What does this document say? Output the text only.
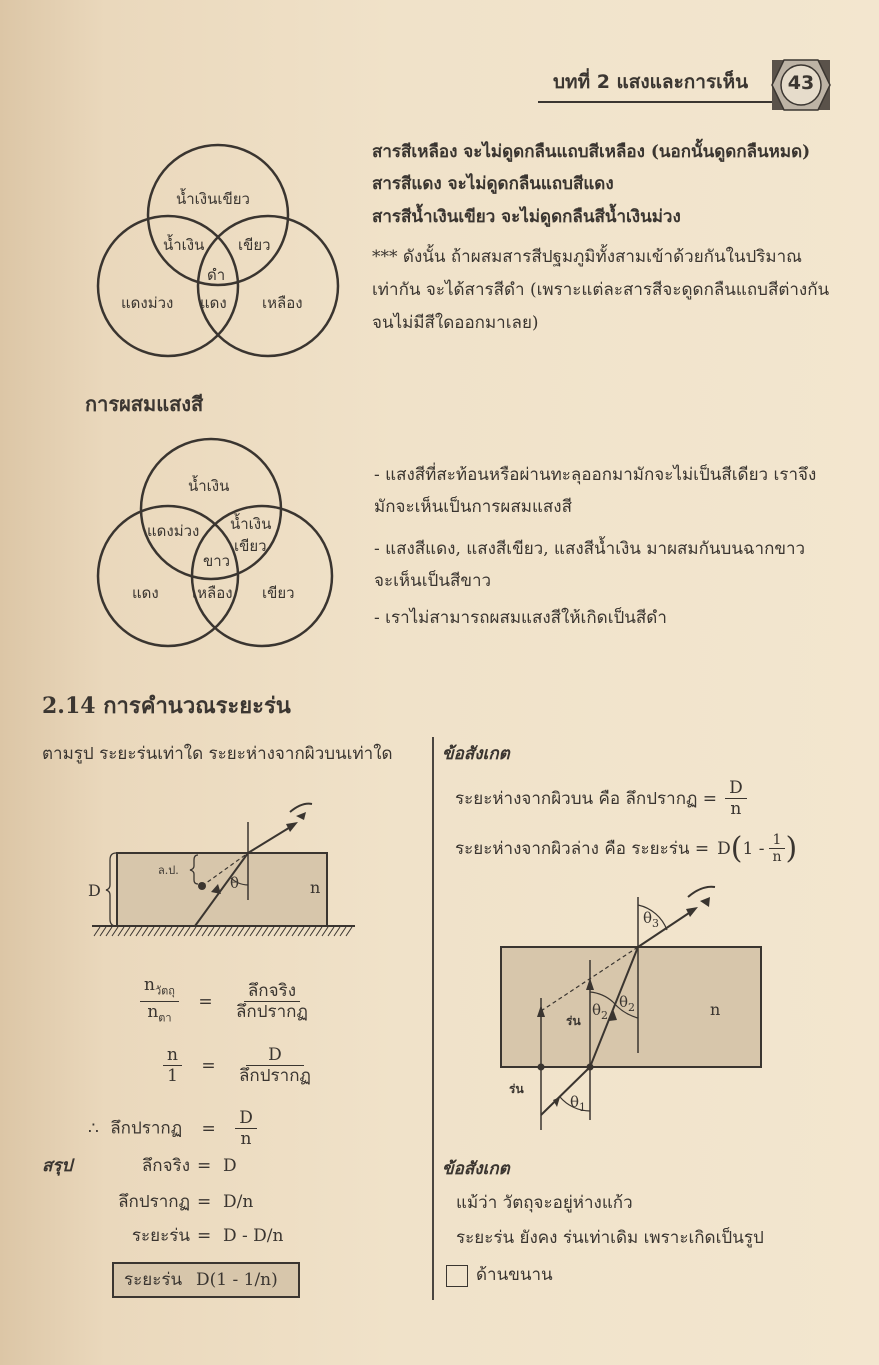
บทที่ 2 แสงและการเห็น	43
น้ำเงินเขียว
น้ำเงิน เขียว
ดำ
แดงม่วง แดง เหลือง
สารสีเหลือง จะไม่ดูดกลืนแถบสีเหลือง (นอกนั้นดูดกลืนหมด)
สารสีแดง จะไม่ดูดกลืนแถบสีแดง
สารสีน้ำเงินเขียว จะไม่ดูดกลืนสีน้ำเงินม่วง
*** ดังนั้น ถ้าผสมสารสีปฐมภูมิทั้งสามเข้าด้วยกันในปริมาณ
เท่ากัน จะได้สารสีดำ (เพราะแต่ละสารสีจะดูดกลืนแถบสีต่างกัน
จนไม่มีสีใดออกมาเลย)
การผสมแสงสี
น้ำเงิน
แดงม่วง น้ำเงิน
เขียว
ขาว
แดง เหลือง เขียว
- แสงสีที่สะท้อนหรือผ่านทะลุออกมามักจะไม่เป็นสีเดียว เราจึง
มักจะเห็นเป็นการผสมแสงสี
- แสงสีแดง, แสงสีเขียว, แสงสีน้ำเงิน มาผสมกันบนฉากขาว
จะเห็นเป็นสีขาว
- เราไม่สามารถผสมแสงสีให้เกิดเป็นสีดำ
2.14 การคำนวณระยะร่น
ตามรูป ระยะร่นเท่าใด ระยะห่างจากผิวบนเท่าใด
D
ล.ป.
θ	n
$\frac{n_{วัตถุ}}{n_{ตา}} = \frac{\text{ลึกจริง}}{\text{ลึกปรากฏ}}$
$\frac{n}{1} = \frac{D}{\text{ลึกปรากฏ}}$
∴ ลึกปรากฏ = $\frac{D}{n}$
สรุป	ลึกจริง = D
ลึกปรากฏ = D/n
ระยะร่น = D - D/n
ระยะร่น D(1 - 1/n)
ข้อสังเกต
ระยะห่างจากผิวบน คือ ลึกปรากฏ = $\frac{D}{n}$
ระยะห่างจากผิวล่าง คือ ระยะร่น = D ( $1 - \frac{1}{n}$ )
$\theta_3$
$\theta_2$
$\theta_2$
$\theta_1$
ร่น
ร่น
n
ข้อสังเกต
แม้ว่า วัตถุจะอยู่ห่างแก้ว
ระยะร่น ยังคง ร่นเท่าเดิม เพราะเกิดเป็นรูป
ด้านขนาน
